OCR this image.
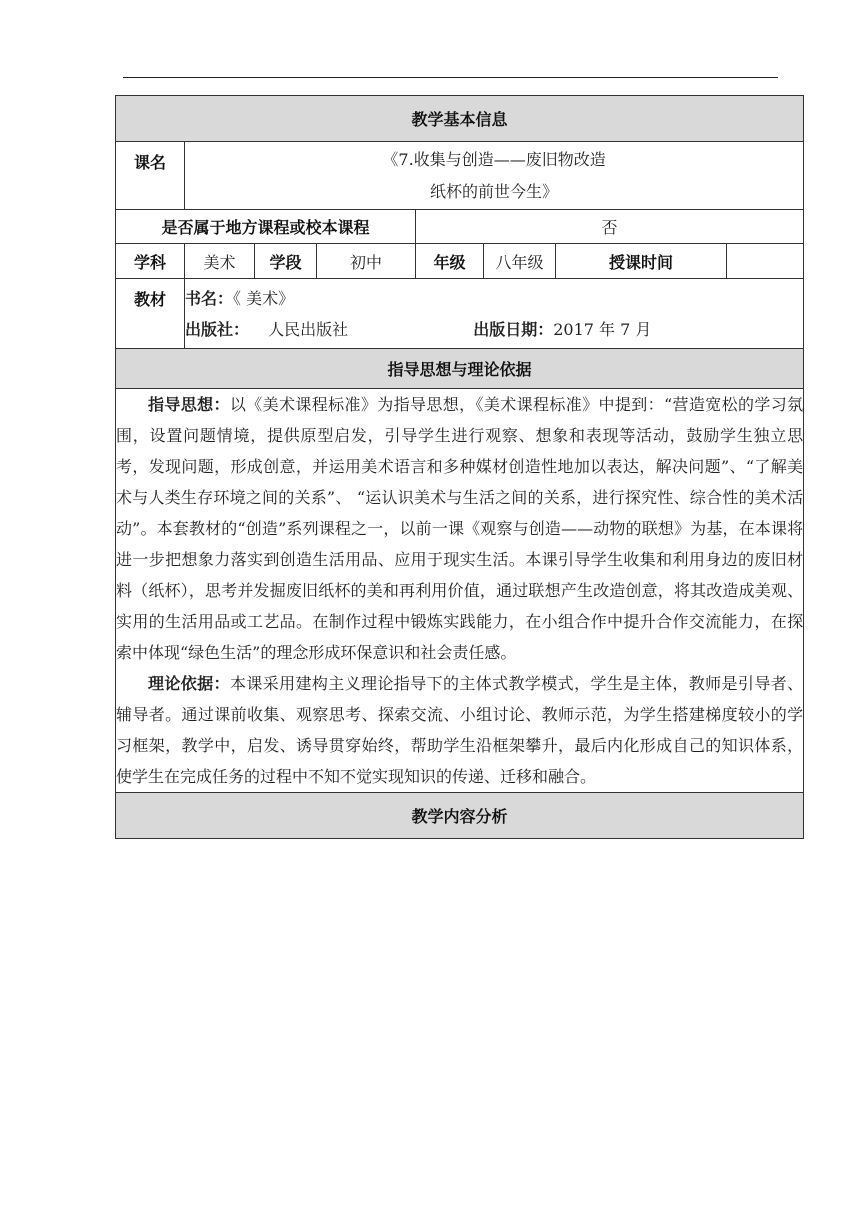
教学基本信息							
课名	《7.收集与创造——废旧物改造
纸杯的前世今生》						

是否属于地方课程或校本课程				否			
学科	美术	学段	初中	年级	八年级	授课时间	
教材	书名：《 美术》
出版社： 人民出版社 出版日期：2017 年 7 月						

指导思想与理论依据							

指导思想：以《美术课程标准》为指导思想，《美术课程标准》中提到：“营造宽松的学习氛围，设置问题情境，提供原型启发，引导学生进行观察、想象和表现等活动，鼓励学生独立思考，发现问题，形成创意，并运用美术语言和多种媒材创造性地加以表达，解决问题”、“了解美术与人类生存环境之间的关系”、 “运认识美术与生活之间的关系，进行探究性、综合性的美术活动”。本套教材的“创造”系列课程之一，以前一课《观察与创造——动物的联想》为基，在本课将进一步把想象力落实到创造生活用品、应用于现实生活。本课引导学生收集和利用身边的废旧材料（纸杯），思考并发掘废旧纸杯的美和再利用价值，通过联想产生改造创意，将其改造成美观、实用的生活用品或工艺品。在制作过程中锻炼实践能力，在小组合作中提升合作交流能力，在探索中体现“绿色生活”的理念形成环保意识和社会责任感。

理论依据：本课采用建构主义理论指导下的主体式教学模式，学生是主体，教师是引导者、辅导者。通过课前收集、观察思考、探索交流、小组讨论、教师示范，为学生搭建梯度较小的学习框架，教学中，启发、诱导贯穿始终，帮助学生沿框架攀升，最后内化形成自己的知识体系，使学生在完成任务的过程中不知不觉实现知识的传递、迁移和融合。							

教学内容分析							
